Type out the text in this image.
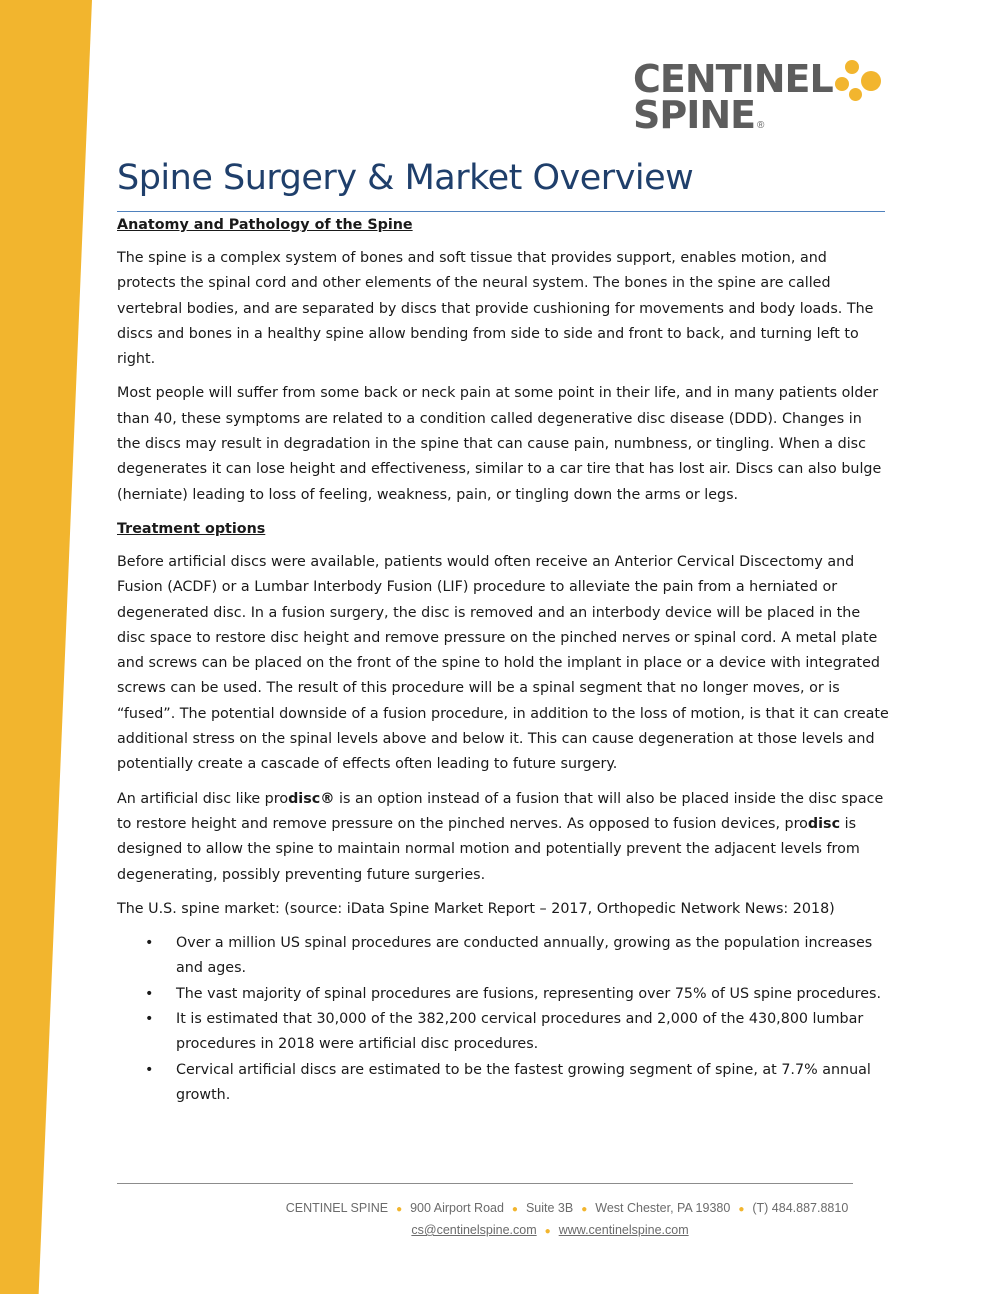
CENTINEL
SPINE ®
Spine Surgery & Market Overview
Anatomy and Pathology of the Spine

The spine is a complex system of bones and soft tissue that provides support, enables motion, and protects the spinal cord and other elements of the neural system. The bones in the spine are called vertebral bodies, and are separated by discs that provide cushioning for movements and body loads. The discs and bones in a healthy spine allow bending from side to side and front to back, and turning left to right.

Most people will suffer from some back or neck pain at some point in their life, and in many patients older than 40, these symptoms are related to a condition called degenerative disc disease (DDD). Changes in the discs may result in degradation in the spine that can cause pain, numbness, or tingling. When a disc degenerates it can lose height and effectiveness, similar to a car tire that has lost air. Discs can also bulge (herniate) leading to loss of feeling, weakness, pain, or tingling down the arms or legs.

Treatment options

Before artificial discs were available, patients would often receive an Anterior Cervical Discectomy and Fusion (ACDF) or a Lumbar Interbody Fusion (LIF) procedure to alleviate the pain from a herniated or degenerated disc. In a fusion surgery, the disc is removed and an interbody device will be placed in the disc space to restore disc height and remove pressure on the pinched nerves or spinal cord. A metal plate and screws can be placed on the front of the spine to hold the implant in place or a device with integrated screws can be used. The result of this procedure will be a spinal segment that no longer moves, or is “fused”. The potential downside of a fusion procedure, in addition to the loss of motion, is that it can create additional stress on the spinal levels above and below it. This can cause degeneration at those levels and potentially create a cascade of effects often leading to future surgery.

An artificial disc like prodisc® is an option instead of a fusion that will also be placed inside the disc space to restore height and remove pressure on the pinched nerves. As opposed to fusion devices, prodisc is designed to allow the spine to maintain normal motion and potentially prevent the adjacent levels from degenerating, possibly preventing future surgeries.

The U.S. spine market: (source: iData Spine Market Report – 2017, Orthopedic Network News: 2018)

• Over a million US spinal procedures are conducted annually, growing as the population increases and ages.
• The vast majority of spinal procedures are fusions, representing over 75% of US spine procedures.
• It is estimated that 30,000 of the 382,200 cervical procedures and 2,000 of the 430,800 lumbar procedures in 2018 were artificial disc procedures.
• Cervical artificial discs are estimated to be the fastest growing segment of spine, at 7.7% annual growth.
CENTINEL SPINE ● 900 Airport Road ● Suite 3B ● West Chester, PA 19380 ● (T) 484.887.8810
cs@centinelspine.com ● www.centinelspine.com
